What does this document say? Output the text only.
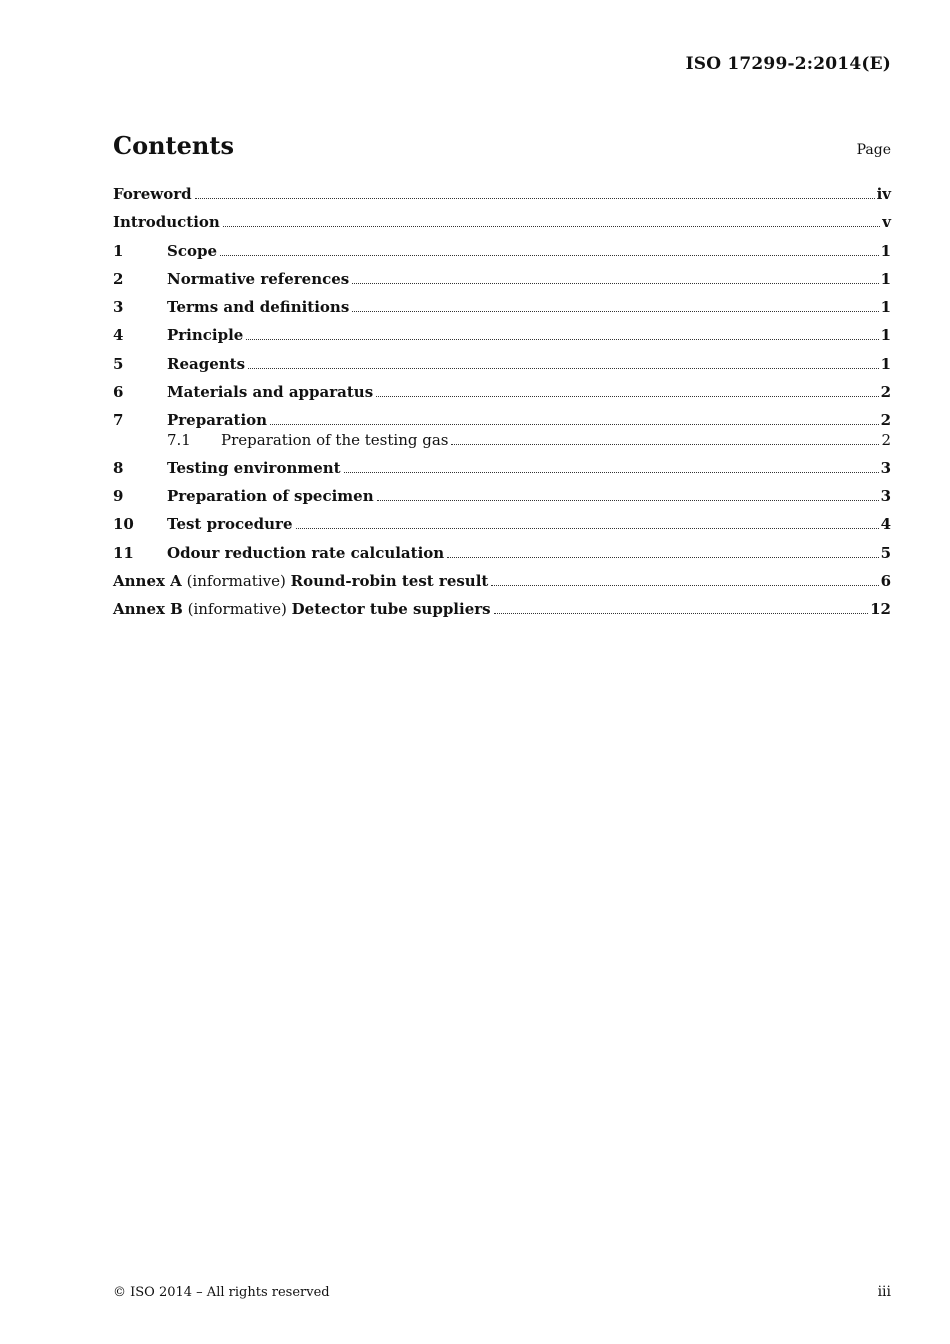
ISO 17299-2:2014(E)
Contents	Page
Foreword	iv
Introduction	v
1	Scope	1
2	Normative references	1
3	Terms and definitions	1
4	Principle	1
5	Reagents	1
6	Materials and apparatus	2
7	Preparation	2
7.1	Preparation of the testing gas	2
8	Testing environment	3
9	Preparation of specimen	3
10	Test procedure	4
11	Odour reduction rate calculation	5
Annex A (informative) Round-robin test result	6
Annex B (informative) Detector tube suppliers	12
© ISO 2014 – All rights reserved	iii
